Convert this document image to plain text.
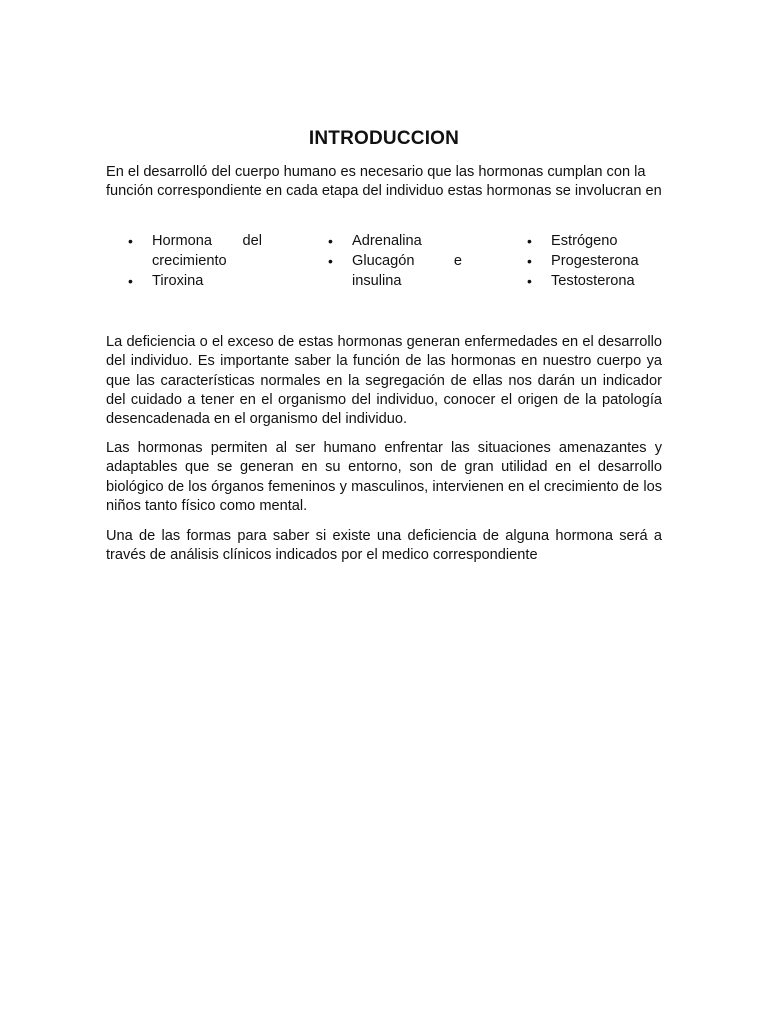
INTRODUCCION

En el desarrolló del cuerpo humano es necesario que las hormonas cumplan con la función correspondiente en cada etapa del individuo estas hormonas se involucran en

• Hormona del
crecimiento
• Tiroxina
• Adrenalina
• Glucagón	e
insulina
• Estrógeno
• Progesterona
• Testosterona

La deficiencia o el exceso de estas hormonas generan enfermedades en el desarrollo del individuo. Es importante saber la función de las hormonas en nuestro cuerpo ya que las características normales en la segregación de ellas nos darán un indicador del cuidado a tener en el organismo del individuo, conocer el origen de la patología desencadenada en el organismo del individuo.

Las hormonas permiten al ser humano enfrentar las situaciones amenazantes y adaptables que se generan en su entorno, son de gran utilidad en el desarrollo biológico de los órganos femeninos y masculinos, intervienen en el crecimiento de los niños tanto físico como mental.

Una de las formas para saber si existe una deficiencia de alguna hormona será a través de análisis clínicos indicados por el medico correspondiente
